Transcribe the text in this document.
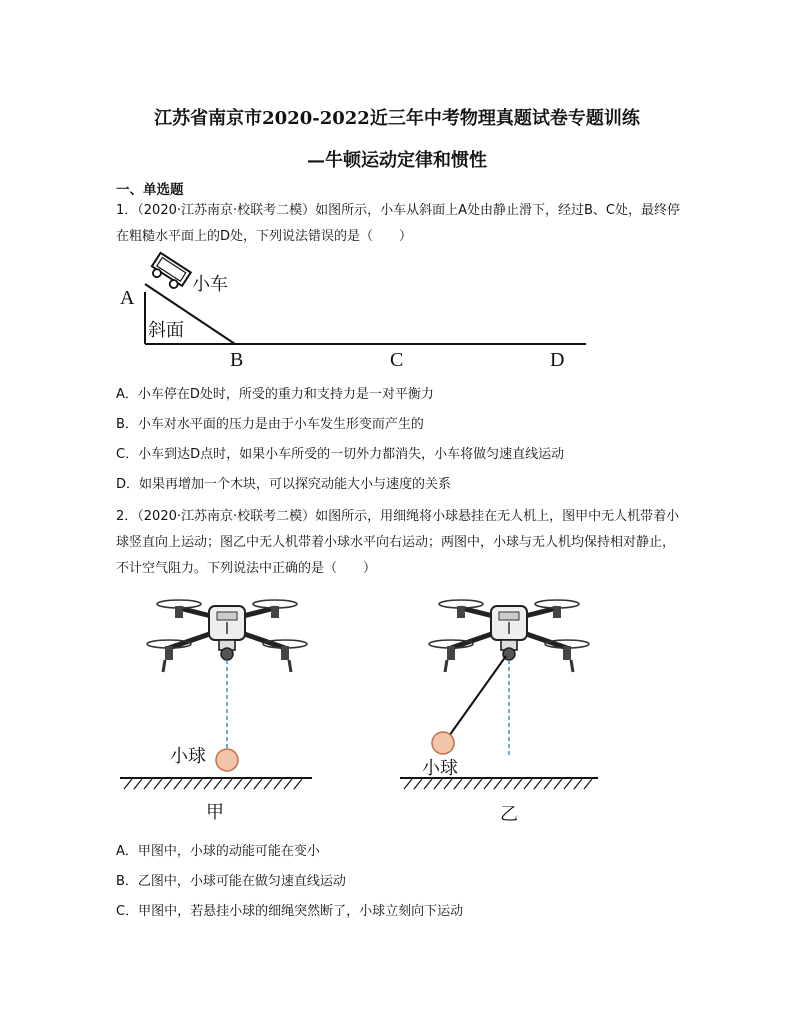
江苏省南京市2020-2022近三年中考物理真题试卷专题训练
—牛顿运动定律和惯性
一、单选题
1．（2020·江苏南京·校联考二模）如图所示，小车从斜面上A处由静止滑下，经过B、C处，最终停在粗糙水平面上的D处，下列说法错误的是（　　）
A
小车
斜面
B	C	D
A．小车停在D处时，所受的重力和支持力是一对平衡力
B．小车对水平面的压力是由于小车发生形变而产生的
C．小车到达D点时，如果小车所受的一切外力都消失，小车将做匀速直线运动
D．如果再增加一个木块，可以探究动能大小与速度的关系
2．（2020·江苏南京·校联考二模）如图所示，用细绳将小球悬挂在无人机上，图甲中无人机带着小球竖直向上运动；图乙中无人机带着小球水平向右运动；两图中，小球与无人机均保持相对静止，不计空气阻力。下列说法中正确的是（　　）
小球
甲
小球
乙
A．甲图中，小球的动能可能在变小
B．乙图中，小球可能在做匀速直线运动
C．甲图中，若悬挂小球的细绳突然断了，小球立刻向下运动
